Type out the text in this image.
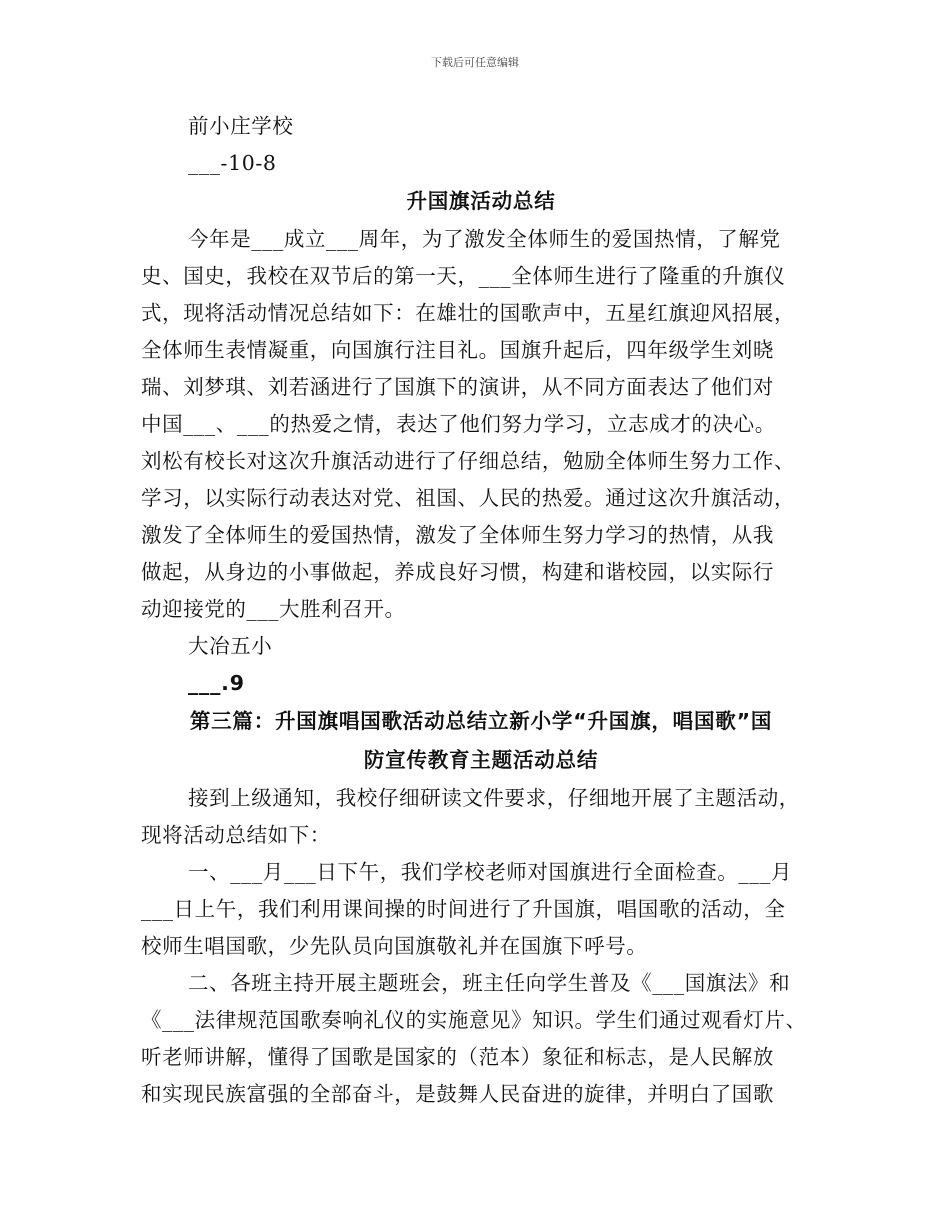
下载后可任意编辑
前小庄学校
___-10-8
升国旗活动总结
今年是___成立___周年，为了激发全体师生的爱国热情，了解党
史、国史，我校在双节后的第一天，___全体师生进行了隆重的升旗仪
式，现将活动情况总结如下：在雄壮的国歌声中，五星红旗迎风招展，
全体师生表情凝重，向国旗行注目礼。国旗升起后，四年级学生刘晓
瑞、刘梦琪、刘若涵进行了国旗下的演讲，从不同方面表达了他们对
中国___、___的热爱之情，表达了他们努力学习，立志成才的决心。
刘松有校长对这次升旗活动进行了仔细总结，勉励全体师生努力工作、
学习，以实际行动表达对党、祖国、人民的热爱。通过这次升旗活动，
激发了全体师生的爱国热情，激发了全体师生努力学习的热情，从我
做起，从身边的小事做起，养成良好习惯，构建和谐校园，以实际行
动迎接党的___大胜利召开。
大冶五小
___.9
第三篇：升国旗唱国歌活动总结立新小学“升国旗，唱国歌”国
防宣传教育主题活动总结
接到上级通知，我校仔细研读文件要求，仔细地开展了主题活动，
现将活动总结如下：
一、___月___日下午，我们学校老师对国旗进行全面检查。___月
___日上午，我们利用课间操的时间进行了升国旗，唱国歌的活动，全
校师生唱国歌，少先队员向国旗敬礼并在国旗下呼号。
二、各班主持开展主题班会，班主任向学生普及《___国旗法》和
《___法律规范国歌奏响礼仪的实施意见》知识。学生们通过观看灯片、
听老师讲解，懂得了国歌是国家的（范本）象征和标志，是人民解放
和实现民族富强的全部奋斗，是鼓舞人民奋进的旋律，并明白了国歌
